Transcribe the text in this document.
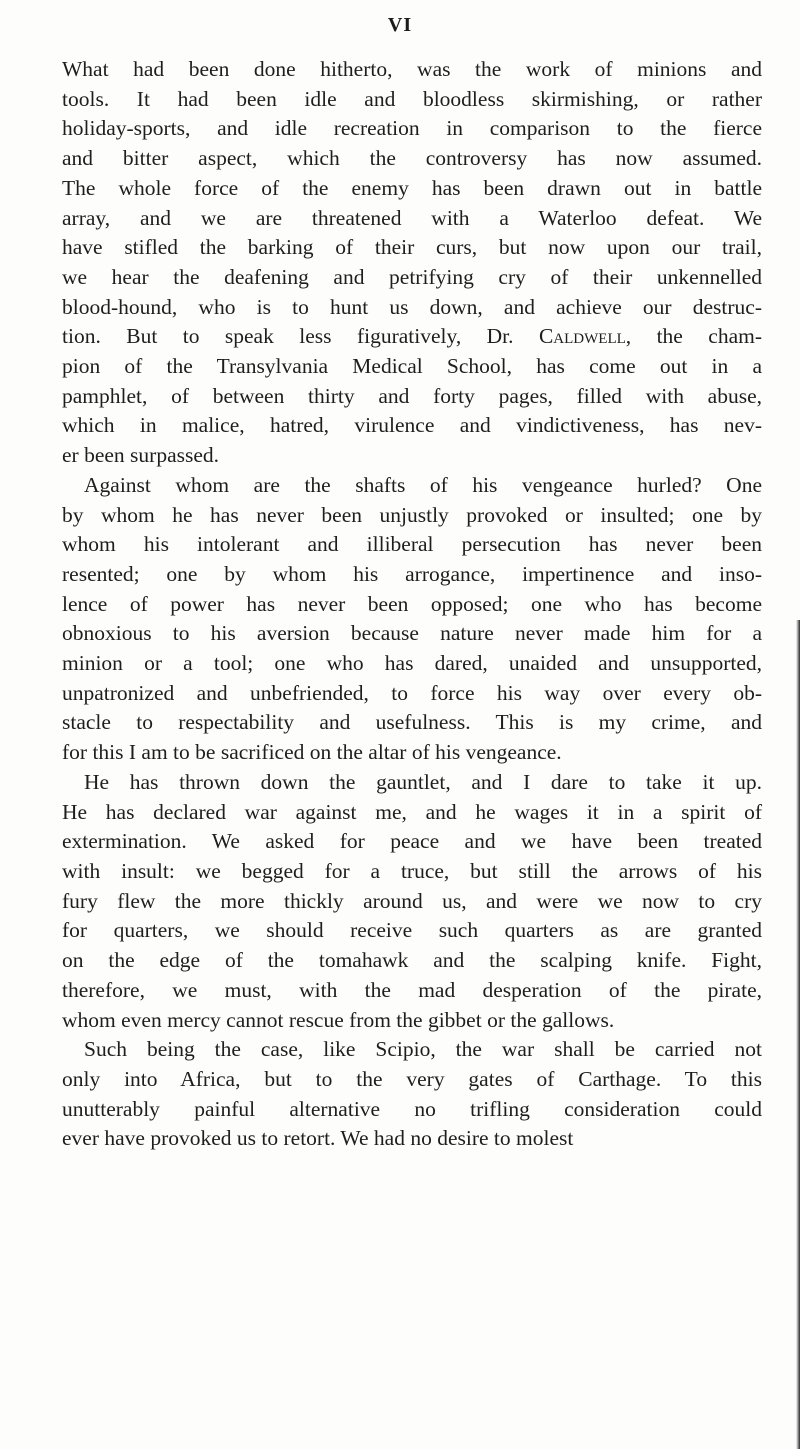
VI

What had been done hitherto, was the work of minions and
tools. It had been idle and bloodless skirmishing, or rather
holiday-sports, and idle recreation in comparison to the fierce
and bitter aspect, which the controversy has now assumed.
The whole force of the enemy has been drawn out in battle
array, and we are threatened with a Waterloo defeat. We
have stifled the barking of their curs, but now upon our trail,
we hear the deafening and petrifying cry of their unkennelled
blood-hound, who is to hunt us down, and achieve our destruc-
tion. But to speak less figuratively, Dr. Caldwell, the cham-
pion of the Transylvania Medical School, has come out in a
pamphlet, of between thirty and forty pages, filled with abuse,
which in malice, hatred, virulence and vindictiveness, has nev-
er been surpassed.

Against whom are the shafts of his vengeance hurled? One
by whom he has never been unjustly provoked or insulted; one by
whom his intolerant and illiberal persecution has never been
resented; one by whom his arrogance, impertinence and inso-
lence of power has never been opposed; one who has become
obnoxious to his aversion because nature never made him for a
minion or a tool; one who has dared, unaided and unsupported,
unpatronized and unbefriended, to force his way over every ob-
stacle to respectability and usefulness. This is my crime, and
for this I am to be sacrificed on the altar of his vengeance.

He has thrown down the gauntlet, and I dare to take it up.
He has declared war against me, and he wages it in a spirit of
extermination. We asked for peace and we have been treated
with insult: we begged for a truce, but still the arrows of his
fury flew the more thickly around us, and were we now to cry
for quarters, we should receive such quarters as are granted
on the edge of the tomahawk and the scalping knife. Fight,
therefore, we must, with the mad desperation of the pirate,
whom even mercy cannot rescue from the gibbet or the gallows.

Such being the case, like Scipio, the war shall be carried not
only into Africa, but to the very gates of Carthage. To this
unutterably painful alternative no trifling consideration could
ever have provoked us to retort. We had no desire to molest
